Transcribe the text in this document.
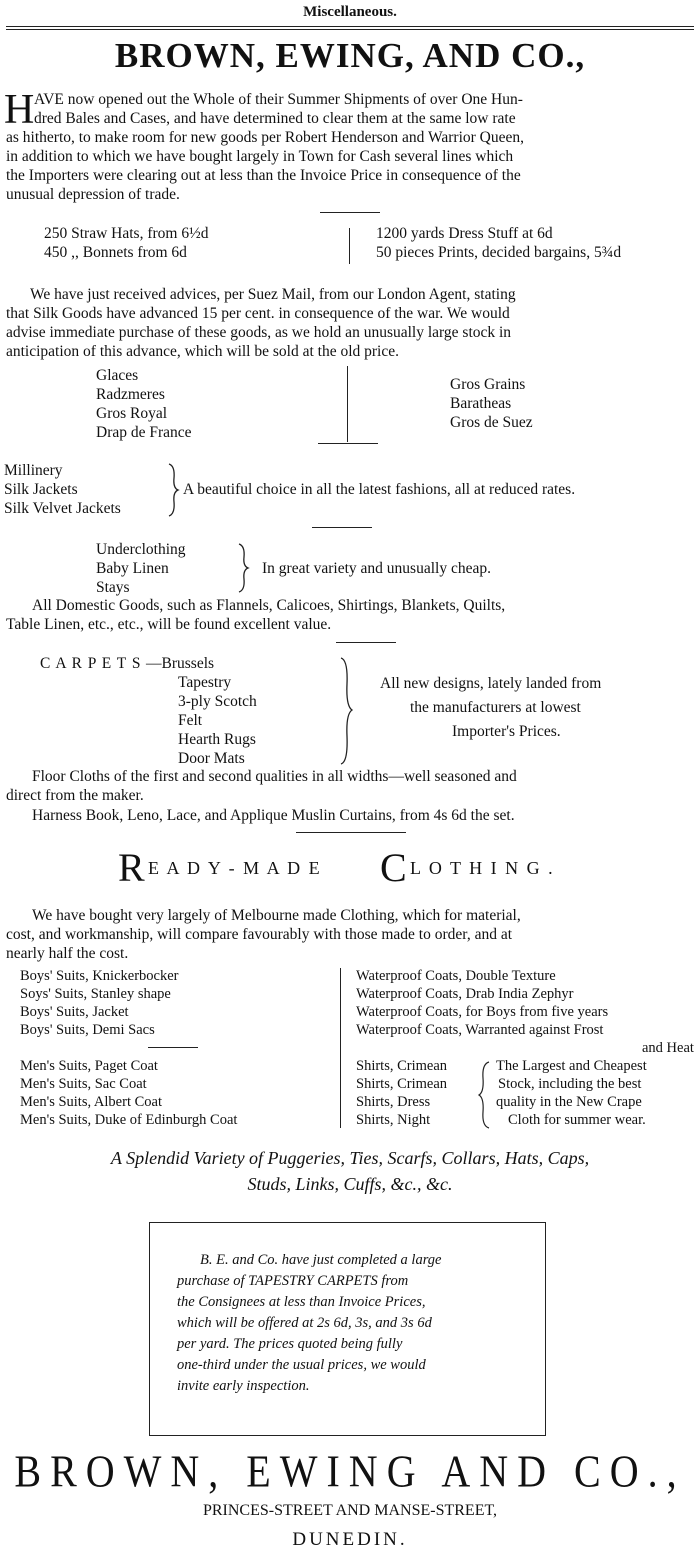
Miscellaneous.
BROWN, EWING, AND CO.,
H AVE now opened out the Whole of their Summer Shipments of over One Hun-
dred Bales and Cases, and have determined to clear them at the same low rate
as hitherto, to make room for new goods per Robert Henderson and Warrior Queen,
in addition to which we have bought largely in Town for Cash several lines which
the Importers were clearing out at less than the Invoice Price in consequence of the
unusual depression of trade.
250 Straw Hats, from 6½d
450 ,, Bonnets from 6d
1200 yards Dress Stuff at 6d
50 pieces Prints, decided bargains, 5¾d
We have just received advices, per Suez Mail, from our London Agent, stating
that Silk Goods have advanced 15 per cent. in consequence of the war. We would
advise immediate purchase of these goods, as we hold an unusually large stock in
anticipation of this advance, which will be sold at the old price.
Glaces
Radzmeres
Gros Royal
Drap de France
Gros Grains
Baratheas
Gros de Suez
Millinery
Silk Jackets
Silk Velvet Jackets
A beautiful choice in all the latest fashions, all at reduced rates.
Underclothing
Baby Linen
Stays
In great variety and unusually cheap.
All Domestic Goods, such as Flannels, Calicoes, Shirtings, Blankets, Quilts,
Table Linen, etc., etc., will be found excellent value.
C A R P E T S —Brussels
Tapestry
3-ply Scotch
Felt
Hearth Rugs
Door Mats
All new designs, lately landed from
the manufacturers at lowest
Importer's Prices.
Floor Cloths of the first and second qualities in all widths—well seasoned and
direct from the maker.
Harness Book, Leno, Lace, and Applique Muslin Curtains, from 4s 6d the set.
R E A D Y - M A D E C L O T H I N G .
We have bought very largely of Melbourne made Clothing, which for material,
cost, and workmanship, will compare favourably with those made to order, and at
nearly half the cost.
Boys' Suits, Knickerbocker
Soys' Suits, Stanley shape
Boys' Suits, Jacket
Boys' Suits, Demi Sacs
Men's Suits, Paget Coat
Men's Suits, Sac Coat
Men's Suits, Albert Coat
Men's Suits, Duke of Edinburgh Coat
Waterproof Coats, Double Texture
Waterproof Coats, Drab India Zephyr
Waterproof Coats, for Boys from five years
Waterproof Coats, Warranted against Frost
and Heat
Shirts, Crimean
Shirts, Crimean
Shirts, Dress
Shirts, Night
The Largest and Cheapest
Stock, including the best
quality in the New Crape
Cloth for summer wear.
A Splendid Variety of Puggeries, Ties, Scarfs, Collars, Hats, Caps,
Studs, Links, Cuffs, &c., &c.
B. E. and Co. have just completed a large
purchase of TAPESTRY CARPETS from
the Consignees at less than Invoice Prices,
which will be offered at 2s 6d, 3s, and 3s 6d
per yard. The prices quoted being fully
one-third under the usual prices, we would
invite early inspection.
BROWN, EWING AND CO.,
PRINCES-STREET AND MANSE-STREET,
DUNEDIN.
